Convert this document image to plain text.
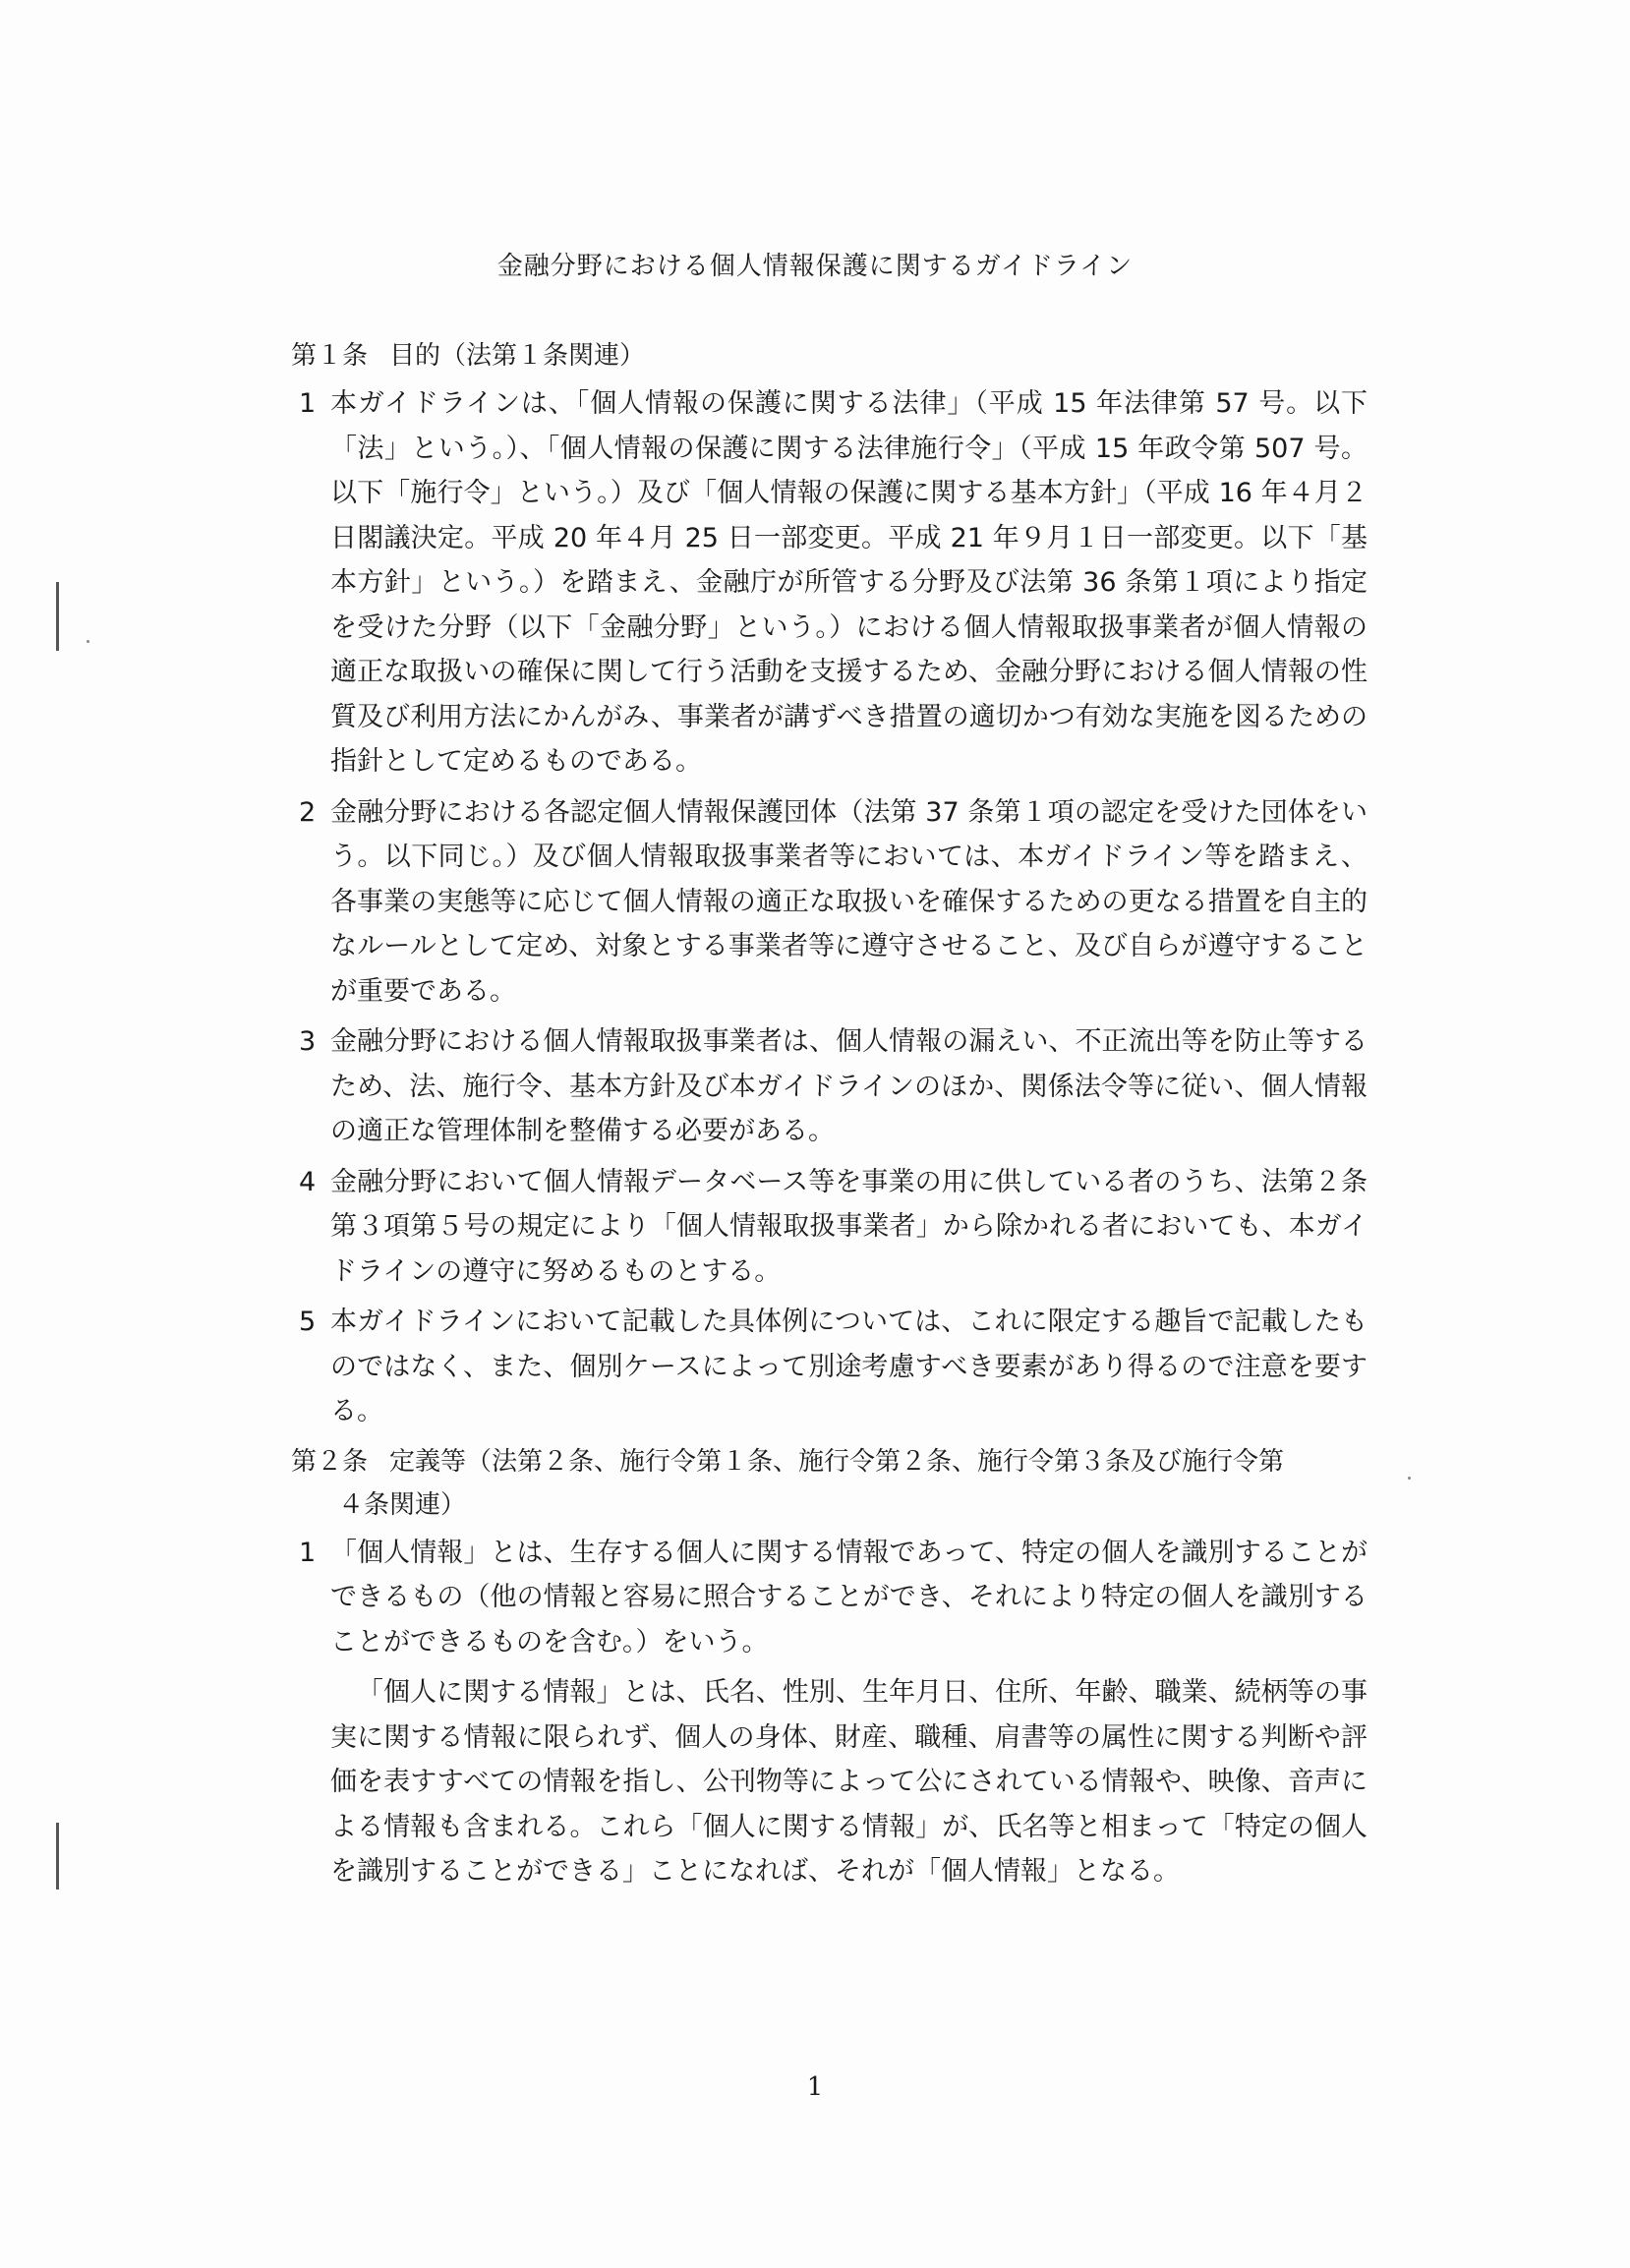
金融分野における個人情報保護に関するガイドライン
第１条 目的（法第１条関連）

1 本ガイドラインは、「個人情報の保護に関する法律」（平成 15 年法律第 57 号。以下「法」という。）、「個人情報の保護に関する法律施行令」（平成 15 年政令第 507 号。以下「施行令」という。）及び「個人情報の保護に関する基本方針」（平成 16 年４月２日閣議決定。平成 20 年４月 25 日一部変更。平成 21 年９月１日一部変更。以下「基本方針」という。）を踏まえ、金融庁が所管する分野及び法第 36 条第１項により指定を受けた分野（以下「金融分野」という。）における個人情報取扱事業者が個人情報の適正な取扱いの確保に関して行う活動を支援するため、金融分野における個人情報の性質及び利用方法にかんがみ、事業者が講ずべき措置の適切かつ有効な実施を図るための指針として定めるものである。

2 金融分野における各認定個人情報保護団体（法第 37 条第１項の認定を受けた団体をいう。以下同じ。）及び個人情報取扱事業者等においては、本ガイドライン等を踏まえ、各事業の実態等に応じて個人情報の適正な取扱いを確保するための更なる措置を自主的なルールとして定め、対象とする事業者等に遵守させること、及び自らが遵守することが重要である。

3 金融分野における個人情報取扱事業者は、個人情報の漏えい、不正流出等を防止等するため、法、施行令、基本方針及び本ガイドラインのほか、関係法令等に従い、個人情報の適正な管理体制を整備する必要がある。

4 金融分野において個人情報データベース等を事業の用に供している者のうち、法第２条第３項第５号の規定により「個人情報取扱事業者」から除かれる者においても、本ガイドラインの遵守に努めるものとする。

5 本ガイドラインにおいて記載した具体例については、これに限定する趣旨で記載したものではなく、また、個別ケースによって別途考慮すべき要素があり得るので注意を要する。

第２条 定義等（法第２条、施行令第１条、施行令第２条、施行令第３条及び施行令第
４条関連）

1 「個人情報」とは、生存する個人に関する情報であって、特定の個人を識別することができるもの（他の情報と容易に照合することができ、それにより特定の個人を識別することができるものを含む。）をいう。

「個人に関する情報」とは、氏名、性別、生年月日、住所、年齢、職業、続柄等の事実に関する情報に限られず、個人の身体、財産、職種、肩書等の属性に関する判断や評価を表すすべての情報を指し、公刊物等によって公にされている情報や、映像、音声による情報も含まれる。これら「個人に関する情報」が、氏名等と相まって「特定の個人を識別することができる」ことになれば、それが「個人情報」となる。

1
